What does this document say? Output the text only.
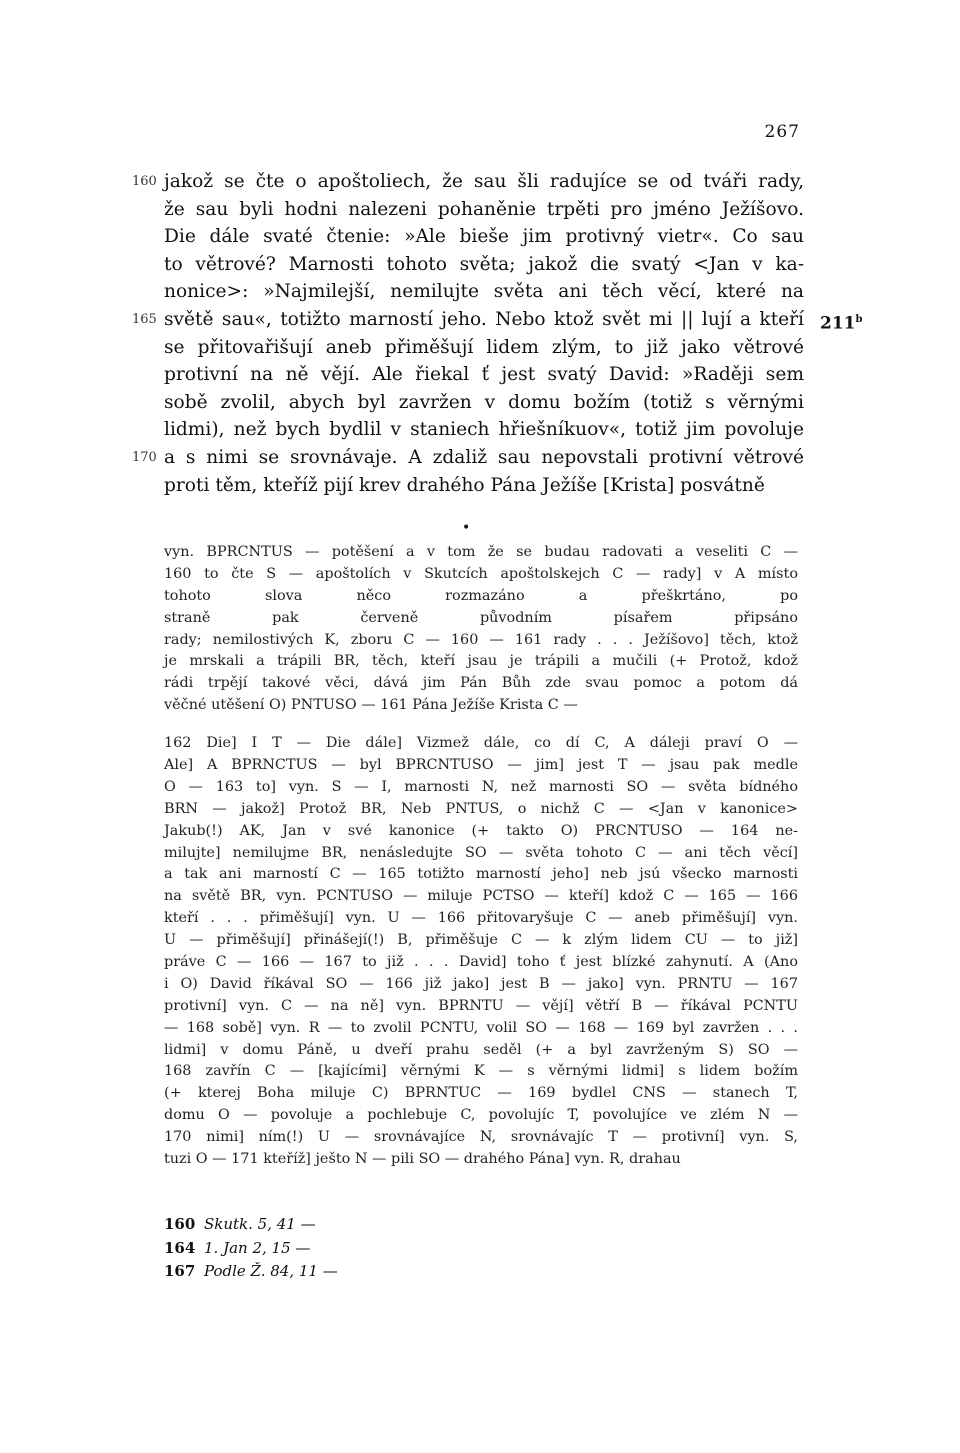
267
160 jakož se čte o apoštoliech, že sau šli radujíce se od tváři rady,
že sau byli hodni nalezeni pohaněnie trpěti pro jméno Ježíšovo.
Die dále svaté čtenie: »Ale bieše jim protivný vietr«. Co sau
to větrové? Marnosti tohoto světa; jakož die svatý <Jan v ka-
nonice>: »Najmilejší, nemilujte světa ani těch věcí, které na
165 světě sau«, totižto marností jeho. Nebo ktož svět mi || lují a kteří 211$^b$
se přitovařišují aneb přiměšují lidem zlým, to již jako větrové
protivní na ně vějí. Ale řiekal ť jest svatý David: »Raději sem
sobě zvolil, abych byl zavržen v domu božím (totiž s věrnými
lidmi), než bych bydlil v staniech hřiešníkuov«, totiž jim povoluje
170 a s nimi se srovnávaje. A zdaliž sau nepovstali protivní větrové
proti těm, kteříž pijí krev drahého Pána Ježíše [Krista] posvátně
•
vyn. BPRCNTUS — potěšení a v tom že se budau radovati a veseliti C —
160 to čte S — apoštolích v Skutcích apoštolskejch C — rady] v A místo
tohoto slova něco rozmazáno a přeškrtáno, po
straně pak červeně původním písařem připsáno
rady; nemilostivých K, zboru C — 160 — 161 rady . . . Ježíšovo] těch, ktož
je mrskali a trápili BR, těch, kteří jsau je trápili a mučili (+ Protož, kdož
rádi trpějí takové věci, dává jim Pán Bůh zde svau pomoc a potom dá
věčné utěšení O) PNTUSO — 161 Pána Ježíše Krista C —
162 Die] I T — Die dále] Vizmež dále, co dí C, A dáleji praví O —
Ale] A BPRNCTUS — byl BPRCNTUSO — jim] jest T — jsau pak medle
O — 163 to] vyn. S — I, marnosti N, než marnosti SO — světa bídného
BRN — jakož] Protož BR, Neb PNTUS, o nichž C — <Jan v kanonice>
Jakub(!) AK, Jan v své kanonice (+ takto O) PRCNTUSO — 164 ne-
milujte] nemilujme BR, nenásledujte SO — světa tohoto C — ani těch věcí]
a tak ani marností C — 165 totižto marností jeho] neb jsú všecko marnosti
na světě BR, vyn. PCNTUSO — miluje PCTSO — kteří] kdož C — 165 — 166
kteří . . . přiměšují] vyn. U — 166 přitovaryšuje C — aneb přiměšují] vyn.
U — přiměšují] přinášejí(!) B, přiměšuje C — k zlým lidem CU — to již]
práve C — 166 — 167 to již . . . David] toho ť jest blízké zahynutí. A (Ano
i O) David říkával SO — 166 již jako] jest B — jako] vyn. PRNTU — 167
protivní] vyn. C — na ně] vyn. BPRNTU — vějí] větří B — říkával PCNTU
— 168 sobě] vyn. R — to zvolil PCNTU, volil SO — 168 — 169 byl zavržen . . .
lidmi] v domu Páně, u dveří prahu seděl (+ a byl zavrženým S) SO —
168 zavřín C — [kajícími] věrnými K — s věrnými lidmi] s lidem božím
(+ kterej Boha miluje C) BPRNTUC — 169 bydlel CNS — stanech T,
domu O — povoluje a pochlebuje C, povolujíc T, povolujíce ve zlém N —
170 nimi] ním(!) U — srovnávajíce N, srovnávajíc T — protivní] vyn. S,
tuzi O — 171 kteříž] ješto N — pili SO — drahého Pána] vyn. R, drahau
160 Skutk. 5, 41 —
164 1. Jan 2, 15 —
167 Podle Ž. 84, 11 —
